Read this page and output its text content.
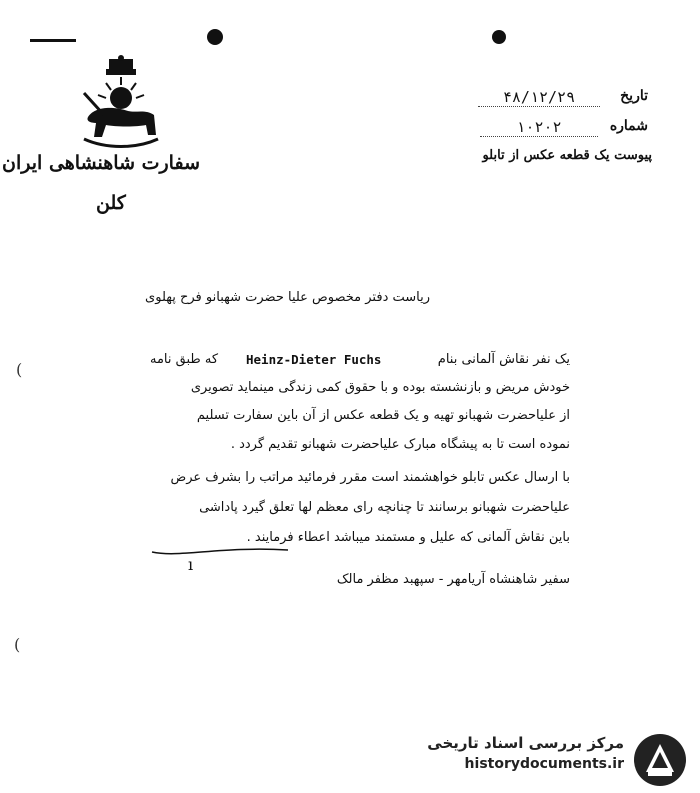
(
(
سفارت شاهنشاهی ایران
کلن
تاریخ
۴۸/۱۲/۲۹
شماره
۱۰۲۰۲
پیوست یک قطعه عکس از تابلو
ریاست دفتر مخصوص علیا حضرت شهبانو فرح پهلوی
یک نفر نقاش آلمانی بنام
Heinz-Dieter Fuchs
که طبق نامه
خودش مریض و بازنشسته بوده و با حقوق کمی زندگی مینماید تصویری
از علیاحضرت شهبانو تهیه و یک قطعه عکس از آن باین سفارت تسلیم
نموده است تا به پیشگاه مبارک علیاحضرت شهبانو تقدیم گردد .
با ارسال عکس تابلو خواهشمند است مقرر فرمائید مراتب را بشرف عرض
علیاحضرت شهبانو برسانند تا چنانچه رای معظم لها تعلق گیرد پاداشی
باین نقاش آلمانی که علیل و مستمند میباشد اعطاء فرمایند .
ı
سفیر شاهنشاه آریامهر - سپهبد مظفر مالک
مرکز بررسی اسناد تاریخی
historydocuments.ir
